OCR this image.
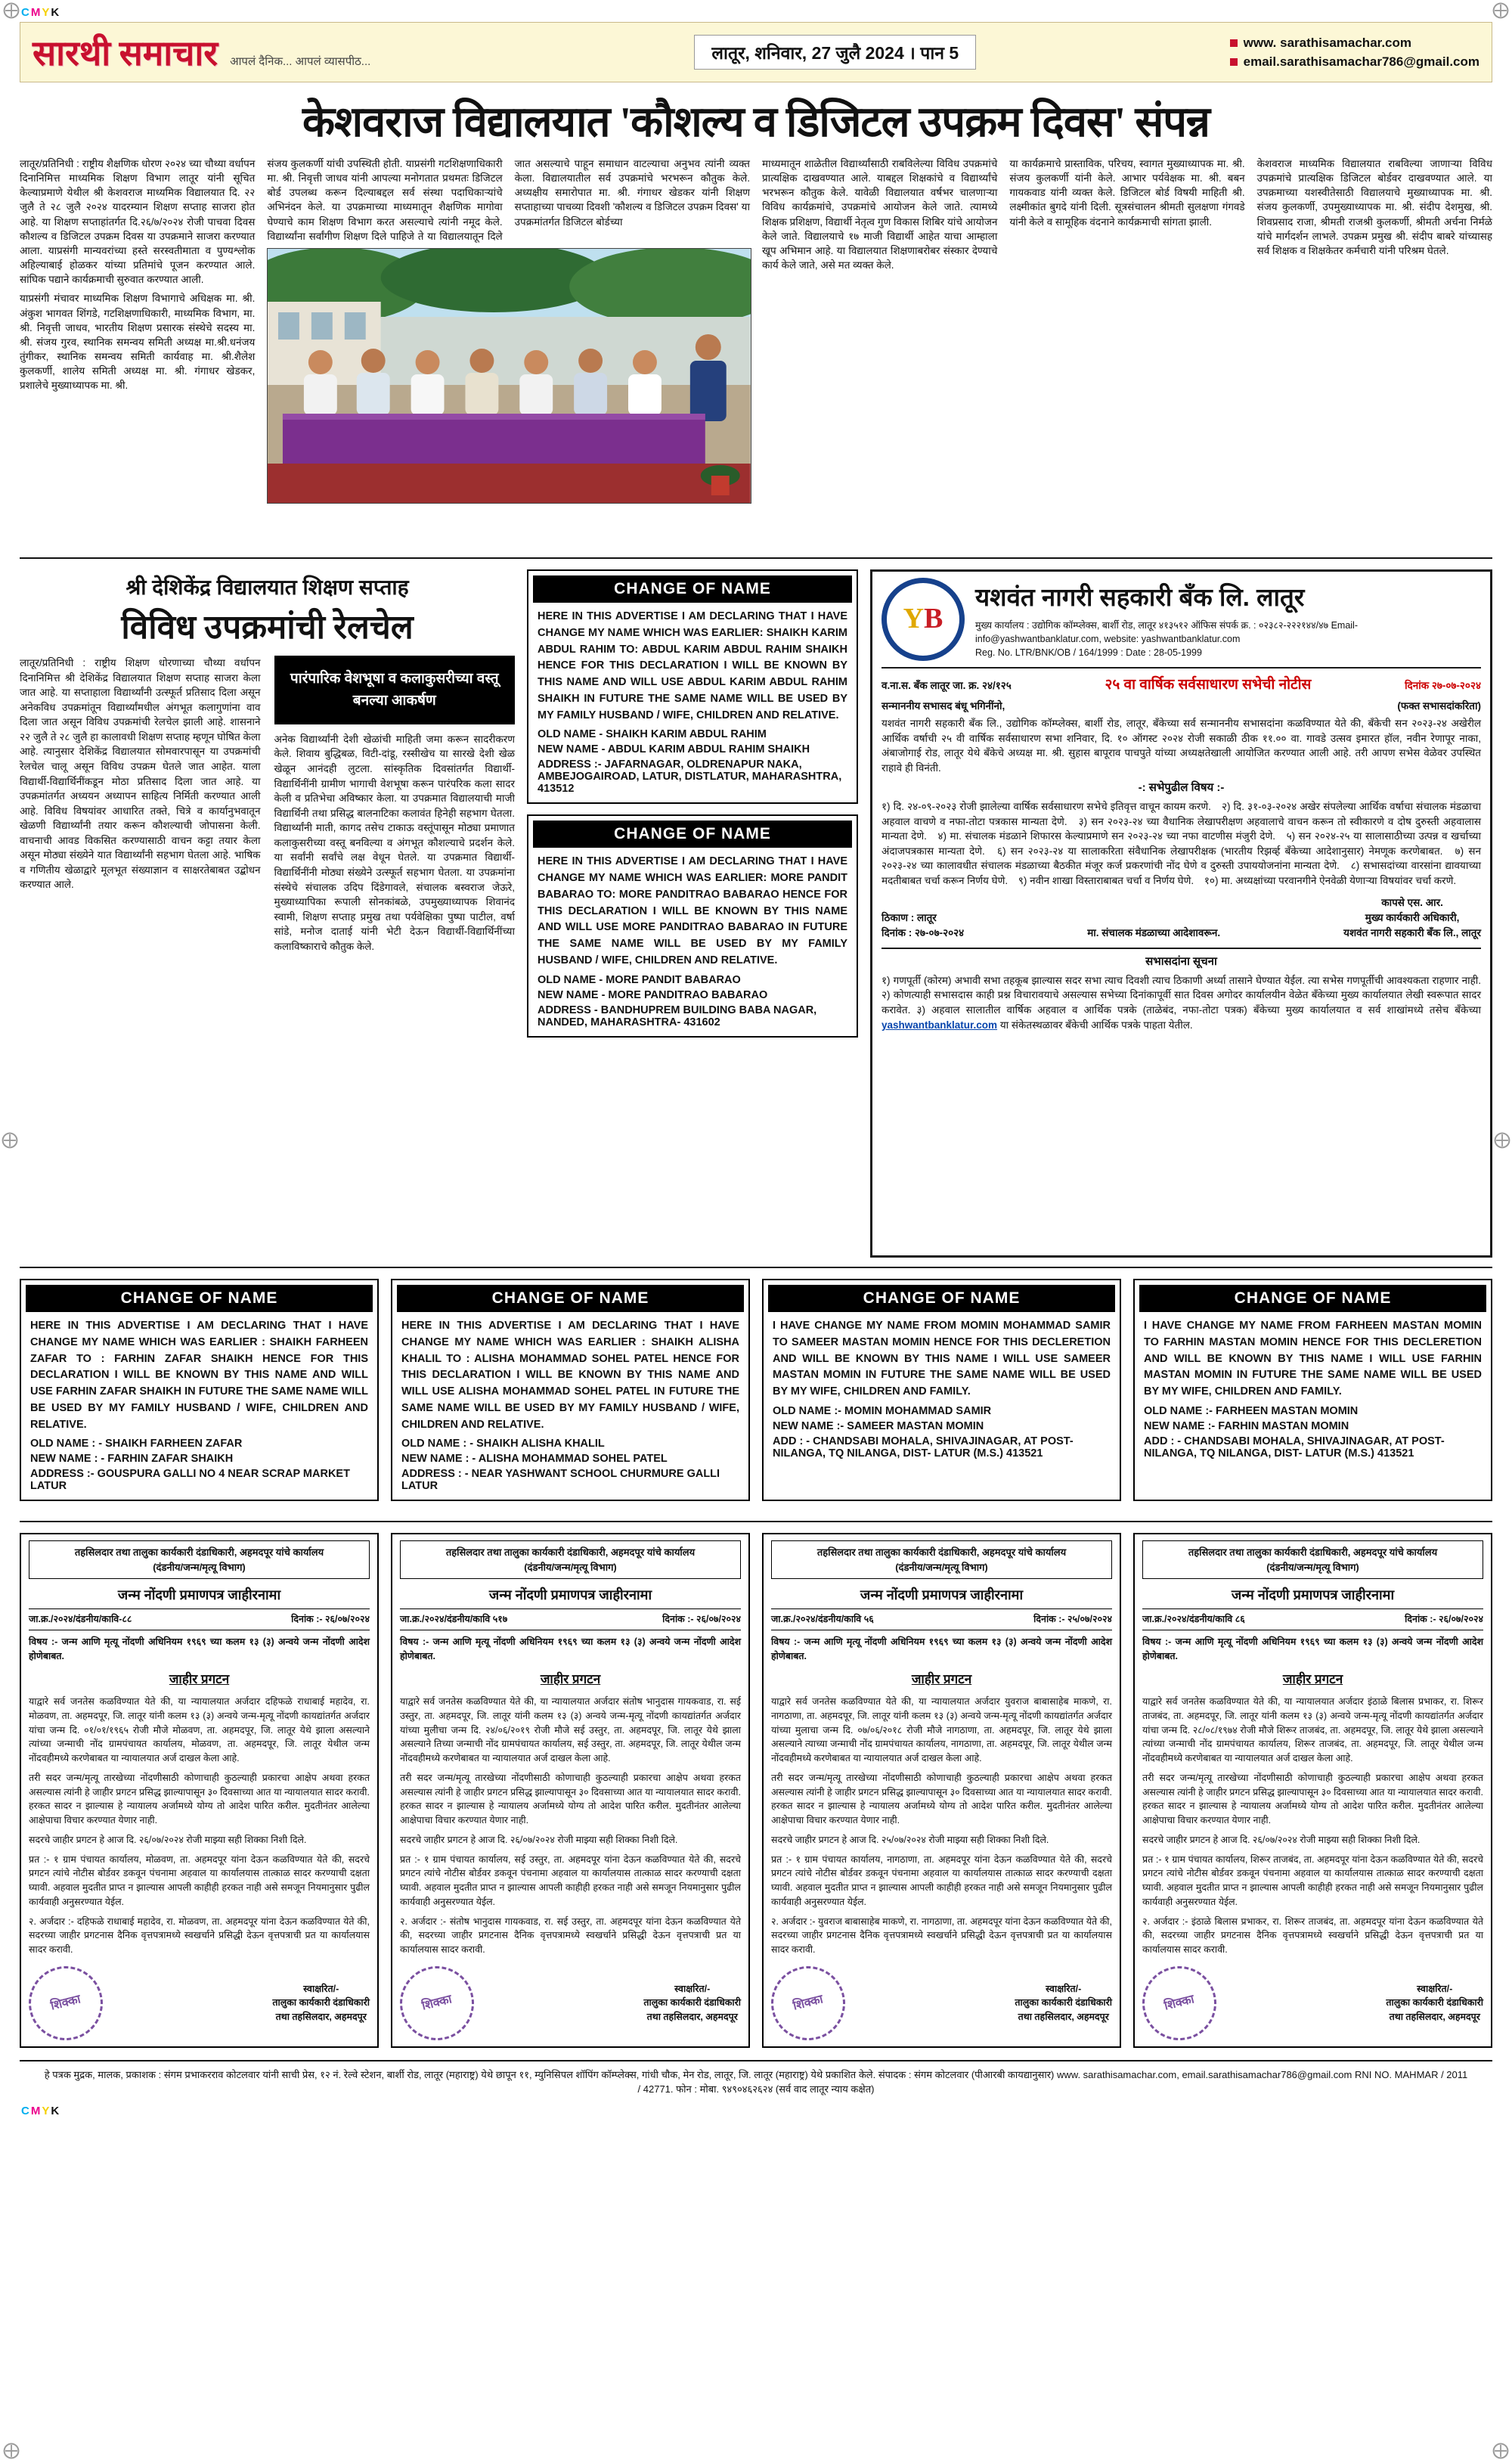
⨁	⨁
⨁	⨁
⨁	⨁
CMYK
सारथी समाचार आपलं दैनिक... आपलं व्यासपीठ...	लातूर, शनिवार, 27 जुलै 2024 । पान 5
www. sarathisamachar.com
email.sarathisamachar786@gmail.com
केशवराज विद्यालयात 'कौशल्य व डिजिटल उपक्रम दिवस' संपन्न

लातूर/प्रतिनिधी : राष्ट्रीय शैक्षणिक धोरण २०२४ च्या चौथ्या वर्धापन दिनानिमित्त माध्यमिक शिक्षण विभाग लातूर यांनी सूचित केल्याप्रमाणे येथील श्री केशवराज माध्यमिक विद्यालयात दि. २२ जुलै ते २८ जुलै २०२४ यादरम्यान शिक्षण सप्ताह साजरा होत आहे. या शिक्षण सप्ताहांतर्गत दि.२६/७/२०२४ रोजी पाचवा दिवस कौशल्य व डिजिटल उपक्रम दिवस या उपक्रमाने साजरा करण्यात आला. याप्रसंगी मान्यवरांच्या हस्ते सरस्वतीमाता व पुण्यश्लोक अहिल्याबाई होळकर यांच्या प्रतिमांचे पूजन करण्यात आले. सांघिक पद्याने कार्यक्रमाची सुरुवात करण्यात आली.

याप्रसंगी मंचावर माध्यमिक शिक्षण विभागाचे अधिक्षक मा. श्री. अंकुश भागवत शिंगडे, गटशिक्षणाधिकारी, माध्यमिक विभाग, मा. श्री. निवृत्ती जाधव, भारतीय शिक्षण प्रसारक संस्थेचे सदस्य मा. श्री. संजय गुरव, स्थानिक समन्वय समिती अध्यक्ष मा.श्री.धनंजय तुंगीकर, स्थानिक समन्वय समिती कार्यवाह मा. श्री.शैलेश कुलकर्णी, शालेय समिती अध्यक्ष मा. श्री. गंगाधर खेडकर, प्रशालेचे मुख्याध्यापक मा. श्री.

संजय कुलकर्णी यांची उपस्थिती होती. याप्रसंगी गटशिक्षणाधिकारी मा. श्री. निवृत्ती जाधव यांनी आपल्या मनोगतात प्रथमतः डिजिटल बोर्ड उपलब्ध करून दिल्याबद्दल सर्व संस्था पदाधिकाऱ्यांचे अभिनंदन केले. या उपक्रमाच्या माध्यमातून शैक्षणिक मागोवा घेण्याचे काम शिक्षण विभाग करत असल्याचे त्यांनी नमूद केले. विद्यार्थ्यांना सर्वांगीण शिक्षण दिले पाहिजे ते या विद्यालयातून दिले जात असल्याचे पाहून समाधान वाटल्याचा अनुभव त्यांनी व्यक्त केला. विद्यालयातील सर्व उपक्रमांचे भरभरून कौतुक केले. अध्यक्षीय समारोपात मा. श्री. गंगाधर खेडकर यांनी शिक्षण सप्ताहाच्या पाचव्या दिवशी 'कौशल्य व डिजिटल उपक्रम दिवस' या उपक्रमांतर्गत डिजिटल बोर्डच्या

माध्यमातून शाळेतील विद्यार्थ्यांसाठी राबविलेल्या विविध उपक्रमांचे प्रात्यक्षिक दाखवण्यात आले. याबद्दल शिक्षकांचे व विद्यार्थ्यांचे भरभरून कौतुक केले. यावेळी विद्यालयात वर्षभर चालणाऱ्या विविध कार्यक्रमांचे, उपक्रमांचे आयोजन केले जाते. त्यामध्ये शिक्षक प्रशिक्षण, विद्यार्थी नेतृत्व गुण विकास शिबिर यांचे आयोजन केले जाते. विद्यालयाचे १७ माजी विद्यार्थी आहेत याचा आम्हाला खूप अभिमान आहे. या विद्यालयात शिक्षणाबरोबर संस्कार देण्याचे कार्य केले जाते, असे मत व्यक्त केले.

या कार्यक्रमाचे प्रास्ताविक, परिचय, स्वागत मुख्याध्यापक मा. श्री. संजय कुलकर्णी यांनी केले. आभार पर्यवेक्षक मा. श्री. बबन गायकवाड यांनी व्यक्त केले. डिजिटल बोर्ड विषयी माहिती श्री. लक्ष्मीकांत बुगदे यांनी दिली. सूत्रसंचालन श्रीमती सुलक्षणा गंगवडे यांनी केले व सामूहिक वंदनाने कार्यक्रमाची सांगता झाली.

केशवराज माध्यमिक विद्यालयात राबविल्या जाणाऱ्या विविध उपक्रमांचे प्रात्यक्षिक डिजिटल बोर्डवर दाखवण्यात आले. या उपक्रमाच्या यशस्वीतेसाठी विद्यालयाचे मुख्याध्यापक मा. श्री. संजय कुलकर्णी, उपमुख्याध्यापक मा. श्री. संदीप देशमुख, श्री. शिवप्रसाद राजा, श्रीमती राजश्री कुलकर्णी, श्रीमती अर्चना निर्मळे यांचे मार्गदर्शन लाभले. उपक्रम प्रमुख श्री. संदीप बाबरे यांच्यासह सर्व शिक्षक व शिक्षकेतर कर्मचारी यांनी परिश्रम घेतले.

श्री देशिकेंद्र विद्यालयात शिक्षण सप्ताह
विविध उपक्रमांची रेलचेल

लातूर/प्रतिनिधी : राष्ट्रीय शिक्षण धोरणाच्या चौथ्या वर्धापन दिनानिमित्त श्री देशिकेंद्र विद्यालयात शिक्षण सप्ताह साजरा केला जात आहे. या सप्ताहाला विद्यार्थ्यांनी उत्स्फूर्त प्रतिसाद दिला असून अनेकविध उपक्रमांतून विद्यार्थ्यांमधील अंगभूत कलागुणांना वाव दिला जात असून विविध उपक्रमांची रेलचेल झाली आहे. शासनाने २२ जुलै ते २८ जुलै हा कालावधी शिक्षण सप्ताह म्हणून घोषित केला आहे. त्यानुसार देशिकेंद्र विद्यालयात सोमवारपासून या उपक्रमांची रेलचेल चालू असून विविध उपक्रम घेतले जात आहेत. याला विद्यार्थी-विद्यार्थिनींकडून मोठा प्रतिसाद दिला जात आहे. या उपक्रमांतर्गत अध्ययन अध्यापन साहित्य निर्मिती करण्यात आली आहे. विविध विषयांवर आधारित तक्ते, चित्रे व कार्यानुभवातून खेळणी विद्यार्थ्यांनी तयार करून कौशल्याची जोपासना केली. वाचनाची आवड विकसित करण्यासाठी वाचन कट्टा तयार केला असून मोठ्या संख्येने यात विद्यार्थ्यांनी सहभाग घेतला आहे. भाषिक व गणितीय खेळाद्वारे मूलभूत संख्याज्ञान व साक्षरतेबाबत उद्बोधन करण्यात आले.

पारंपारिक वेशभूषा व कलाकुसरीच्या वस्तू बनल्या आकर्षण

अनेक विद्यार्थ्यांनी देशी खेळांची माहिती जमा करून सादरीकरण केले. शिवाय बुद्धिबळ, विटी-दांडू, रस्सीखेच या सारखे देशी खेळ खेळून आनंदही लुटला. सांस्कृतिक दिवसांतर्गत विद्यार्थी-विद्यार्थिनींनी ग्रामीण भागाची वेशभूषा करून पारंपरिक कला सादर केली व प्रतिभेचा अविष्कार केला. या उपक्रमात विद्यालयाची माजी विद्यार्थिनी तथा प्रसिद्ध बालनाटिका कलावंत हिनेही सहभाग घेतला. विद्यार्थ्यांनी माती, कागद तसेच टाकाऊ वस्तूंपासून मोठ्या प्रमाणात कलाकुसरीच्या वस्तू बनविल्या व अंगभूत कौशल्याचे प्रदर्शन केले. या सर्वांनी सर्वांचे लक्ष वेधून घेतले. या उपक्रमात विद्यार्थी-विद्यार्थिनींनी मोठ्या संख्येने उत्स्फूर्त सहभाग घेतला. या उपक्रमांना संस्थेचे संचालक उदिप दिंडेगावले, संचालक बस्वराज जेऊरे, मुख्याध्यापिका रूपाली सोनकांबळे, उपमुख्याध्यापक शिवानंद स्वामी, शिक्षण सप्ताह प्रमुख तथा पर्यवेक्षिका पुष्पा पाटील, वर्षा सांडे, मनोज दाताई यांनी भेटी देऊन विद्यार्थी-विद्यार्थिनींच्या कलाविष्काराचे कौतुक केले.

CHANGE OF NAME
HERE IN THIS ADVERTISE I AM DECLARING THAT I HAVE CHANGE MY NAME WHICH WAS EARLIER: SHAIKH KARIM ABDUL RAHIM TO: ABDUL KARIM ABDUL RAHIM SHAIKH HENCE FOR THIS DECLARATION I WILL BE KNOWN BY THIS NAME AND WILL USE ABDUL KARIM ABDUL RAHIM SHAIKH IN FUTURE THE SAME NAME WILL BE USED BY MY FAMILY HUSBAND / WIFE, CHILDREN AND RELATIVE.
OLD NAME - SHAIKH KARIM ABDUL RAHIM
NEW NAME - ABDUL KARIM ABDUL RAHIM SHAIKH
ADDRESS :- JAFARNAGAR, OLDRENAPUR NAKA, AMBEJOGAIROAD, LATUR, DISTLATUR, MAHARASHTRA, 413512
CHANGE OF NAME
HERE IN THIS ADVERTISE I AM DECLARING THAT I HAVE CHANGE MY NAME WHICH WAS EARLIER: MORE PANDIT BABARAO TO: MORE PANDITRAO BABARAO HENCE FOR THIS DECLARATION I WILL BE KNOWN BY THIS NAME AND WILL USE MORE PANDITRAO BABARAO IN FUTURE THE SAME NAME WILL BE USED BY MY FAMILY HUSBAND / WIFE, CHILDREN AND RELATIVE.
OLD NAME - MORE PANDIT BABARAO
NEW NAME - MORE PANDITRAO BABARAO
ADDRESS - BANDHUPREM BUILDING BABA NAGAR, NANDED, MAHARASHTRA- 431602
Y B
यशवंत नागरी सहकारी बँक लि. लातूर

मुख्य कार्यालय : उद्योगिक कॉम्प्लेक्स, बार्शी रोड, लातूर ४१३५१२ ऑफिस संपर्क क्र. : ०२३८२-२२२१४४/४७ Email-info@yashwantbanklatur.com, website: yashwantbanklatur.com

Reg. No. LTR/BNK/OB / 164/1999 : Date : 28-05-1999

व.ना.स. बँक लातूर जा. क्र. २४/१२५	२५ वा वार्षिक सर्वसाधारण सभेची नोटीस	दिनांक २७-०७-२०२४
सन्माननीय सभासद बंधू भगिनींनो,	(फक्त सभासदांकरिता)

यशवंत नागरी सहकारी बँक लि., उद्योगिक कॉम्प्लेक्स, बार्शी रोड, लातूर, बँकेच्या सर्व सन्माननीय सभासदांना कळविण्यात येते की, बँकेची सन २०२३-२४ अखेरील आर्थिक वर्षाची २५ वी वार्षिक सर्वसाधारण सभा शनिवार, दि. १० ऑगस्ट २०२४ रोजी सकाळी ठीक ११.०० वा. गावडे उत्सव इमारत हॉल, नवीन रेणापूर नाका, अंबाजोगाई रोड, लातूर येथे बँकेचे अध्यक्ष मा. श्री. सुहास बापूराव पाचपुते यांच्या अध्यक्षतेखाली आयोजित करण्यात आली आहे. तरी आपण सभेस वेळेवर उपस्थित राहावे ही विनंती.

-: सभेपुढील विषय :-
१) दि. २४-०९-२०२३ रोजी झालेल्या वार्षिक सर्वसाधारण सभेचे इतिवृत्त वाचून कायम करणे. २) दि. ३१-०३-२०२४ अखेर संपलेल्या आर्थिक वर्षाचा संचालक मंडळाचा अहवाल वाचणे व नफा-तोटा पत्रकास मान्यता देणे. ३) सन २०२३-२४ च्या वैधानिक लेखापरीक्षण अहवालाचे वाचन करून तो स्वीकारणे व दोष दुरुस्ती अहवालास मान्यता देणे. ४) मा. संचालक मंडळाने शिफारस केल्याप्रमाणे सन २०२३-२४ च्या नफा वाटणीस मंजुरी देणे. ५) सन २०२४-२५ या सालासाठीच्या उत्पन्न व खर्चाच्या अंदाजपत्रकास मान्यता देणे. ६) सन २०२३-२४ या सालाकरिता संवैधानिक लेखापरीक्षक (भारतीय रिझर्व्ह बँकेच्या आदेशानुसार) नेमणूक करणेबाबत. ७) सन २०२३-२४ च्या कालावधीत संचालक मंडळाच्या बैठकीत मंजूर कर्ज प्रकरणांची नोंद घेणे व दुरुस्ती उपाययोजनांना मान्यता देणे. ८) सभासदांच्या वारसांना द्यावयाच्या मदतीबाबत चर्चा करून निर्णय घेणे. ९) नवीन शाखा विस्ताराबाबत चर्चा व निर्णय घेणे. १०) मा. अध्यक्षांच्या परवानगीने ऐनवेळी येणाऱ्या विषयांवर चर्चा करणे.
ठिकाण : लातूर
दिनांक : २७-०७-२०२४	मा. संचालक मंडळाच्या आदेशावरून.
कापसे एस. आर.
मुख्य कार्यकारी अधिकारी,
यशवंत नागरी सहकारी बँक लि., लातूर
सभासदांना सूचना

१) गणपूर्ती (कोरम) अभावी सभा तहकूब झाल्यास सदर सभा त्याच दिवशी त्याच ठिकाणी अर्ध्या तासाने घेण्यात येईल. त्या सभेस गणपूर्तीची आवश्यकता राहणार नाही. २) कोणत्याही सभासदास काही प्रश्न विचारावयाचे असल्यास सभेच्या दिनांकापूर्वी सात दिवस अगोदर कार्यालयीन वेळेत बँकेच्या मुख्य कार्यालयात लेखी स्वरूपात सादर करावेत. ३) अहवाल सालातील वार्षिक अहवाल व आर्थिक पत्रके (ताळेबंद, नफा-तोटा पत्रक) बँकेच्या मुख्य कार्यालयात व सर्व शाखांमध्ये तसेच बँकेच्या yashwantbanklatur.com या संकेतस्थळावर बँकेची आर्थिक पत्रके पाहता येतील.

CHANGE OF NAME
HERE IN THIS ADVERTISE I AM DECLARING THAT I HAVE CHANGE MY NAME WHICH WAS EARLIER : SHAIKH FARHEEN ZAFAR TO : FARHIN ZAFAR SHAIKH HENCE FOR THIS DECLARATION I WILL BE KNOWN BY THIS NAME AND WILL USE FARHIN ZAFAR SHAIKH IN FUTURE THE SAME NAME WILL BE USED BY MY FAMILY HUSBAND / WIFE, CHILDREN AND RELATIVE.
OLD NAME : - SHAIKH FARHEEN ZAFAR
NEW NAME : - FARHIN ZAFAR SHAIKH
ADDRESS :- GOUSPURA GALLI NO 4 NEAR SCRAP MARKET LATUR
CHANGE OF NAME
HERE IN THIS ADVERTISE I AM DECLARING THAT I HAVE CHANGE MY NAME WHICH WAS EARLIER : SHAIKH ALISHA KHALIL TO : ALISHA MOHAMMAD SOHEL PATEL HENCE FOR THIS DECLARATION I WILL BE KNOWN BY THIS NAME AND WILL USE ALISHA MOHAMMAD SOHEL PATEL IN FUTURE THE SAME NAME WILL BE USED BY MY FAMILY HUSBAND / WIFE, CHILDREN AND RELATIVE.
OLD NAME : - SHAIKH ALISHA KHALIL
NEW NAME : - ALISHA MOHAMMAD SOHEL PATEL
ADDRESS : - NEAR YASHWANT SCHOOL CHURMURE GALLI LATUR
CHANGE OF NAME
I HAVE CHANGE MY NAME FROM MOMIN MOHAMMAD SAMIR TO SAMEER MASTAN MOMIN HENCE FOR THIS DECLERETION AND WILL BE KNOWN BY THIS NAME I WILL USE SAMEER MASTAN MOMIN IN FUTURE THE SAME NAME WILL BE USED BY MY WIFE, CHILDREN AND FAMILY.
OLD NAME :- MOMIN MOHAMMAD SAMIR
NEW NAME :- SAMEER MASTAN MOMIN
ADD : - CHANDSABI MOHALA, SHIVAJINAGAR, AT POST- NILANGA, TQ NILANGA, DIST- LATUR (M.S.) 413521
CHANGE OF NAME
I HAVE CHANGE MY NAME FROM FARHEEN MASTAN MOMIN TO FARHIN MASTAN MOMIN HENCE FOR THIS DECLERETION AND WILL BE KNOWN BY THIS NAME I WILL USE FARHIN MASTAN MOMIN IN FUTURE THE SAME NAME WILL BE USED BY MY WIFE, CHILDREN AND FAMILY.
OLD NAME :- FARHEEN MASTAN MOMIN
NEW NAME :- FARHIN MASTAN MOMIN
ADD : - CHANDSABI MOHALA, SHIVAJINAGAR, AT POST- NILANGA, TQ NILANGA, DIST- LATUR (M.S.) 413521
तहसिलदार तथा तालुका कार्यकारी दंडाधिकारी, अहमदपूर यांचे कार्यालय
(दंडनीय/जन्म/मृत्यू विभाग)
जन्म नोंदणी प्रमाणपत्र जाहीरनामा
जा.क्र./२०२४/दंडनीय/कावि-८८	दिनांक :- २६/०७/२०२४
विषय :- जन्म आणि मृत्यू नोंदणी अधिनियम १९६९ च्या कलम १३ (३) अन्वये जन्म नोंदणी आदेश होणेबाबत.
जाहीर प्रगटन

याद्वारे सर्व जनतेस कळविण्यात येते की, या न्यायालयात अर्जदार दहिफळे राधाबाई महादेव, रा. मोळवण, ता. अहमदपूर, जि. लातूर यांनी कलम १३ (३) अन्वये जन्म-मृत्यू नोंदणी कायद्यांतर्गत अर्जदार यांचा जन्म दि. ०१/०१/१९६५ रोजी मौजे मोळवण, ता. अहमदपूर, जि. लातूर येथे झाला असल्याने त्यांच्या जन्माची नोंद ग्रामपंचायत कार्यालय, मोळवण, ता. अहमदपूर, जि. लातूर येथील जन्म नोंदवहीमध्ये करणेबाबत या न्यायालयात अर्ज दाखल केला आहे.

तरी सदर जन्म/मृत्यू तारखेच्या नोंदणीसाठी कोणाचाही कुठल्याही प्रकारचा आक्षेप अथवा हरकत असल्यास त्यांनी हे जाहीर प्रगटन प्रसिद्ध झाल्यापासून ३० दिवसाच्या आत या न्यायालयात सादर करावी. हरकत सादर न झाल्यास हे न्यायालय अर्जामध्ये योग्य तो आदेश पारित करील. मुदतीनंतर आलेल्या आक्षेपाचा विचार करण्यात येणार नाही.

सदरचे जाहीर प्रगटन हे आज दि. २६/०७/२०२४ रोजी माझ्या सही शिक्का निशी दिले.

प्रत :- १ ग्राम पंचायत कार्यालय, मोळवण, ता. अहमदपूर यांना देऊन कळविण्यात येते की, सदरचे प्रगटन त्यांचे नोटीस बोर्डवर डकवून पंचनामा अहवाल या कार्यालयास तात्काळ सादर करण्याची दक्षता घ्यावी. अहवाल मुदतीत प्राप्त न झाल्यास आपली काहीही हरकत नाही असे समजून नियमानुसार पुढील कार्यवाही अनुसरण्यात येईल.

२. अर्जदार :- दहिफळे राधाबाई महादेव, रा. मोळवण, ता. अहमदपूर यांना देऊन कळविण्यात येते की, सदरच्या जाहीर प्रगटनास दैनिक वृत्तपत्रामध्ये स्वखर्चाने प्रसिद्धी देऊन वृत्तपत्राची प्रत या कार्यालयास सादर करावी.

शिक्का
स्वाक्षरित/-
तालुका कार्यकारी दंडाधिकारी
तथा तहसिलदार, अहमदपूर
तहसिलदार तथा तालुका कार्यकारी दंडाधिकारी, अहमदपूर यांचे कार्यालय
(दंडनीय/जन्म/मृत्यू विभाग)
जन्म नोंदणी प्रमाणपत्र जाहीरनामा
जा.क्र./२०२४/दंडनीय/कावि ५१७	दिनांक :- २६/०७/२०२४
विषय :- जन्म आणि मृत्यू नोंदणी अधिनियम १९६९ च्या कलम १३ (३) अन्वये जन्म नोंदणी आदेश होणेबाबत.
जाहीर प्रगटन

याद्वारे सर्व जनतेस कळविण्यात येते की, या न्यायालयात अर्जदार संतोष भानुदास गायकवाड, रा. सई उस्तुर, ता. अहमदपूर, जि. लातूर यांनी कलम १३ (३) अन्वये जन्म-मृत्यू नोंदणी कायद्यांतर्गत अर्जदार यांच्या मुलीचा जन्म दि. २४/०६/२०१९ रोजी मौजे सई उस्तुर, ता. अहमदपूर, जि. लातूर येथे झाला असल्याने तिच्या जन्माची नोंद ग्रामपंचायत कार्यालय, सई उस्तुर, ता. अहमदपूर, जि. लातूर येथील जन्म नोंदवहीमध्ये करणेबाबत या न्यायालयात अर्ज दाखल केला आहे.

तरी सदर जन्म/मृत्यू तारखेच्या नोंदणीसाठी कोणाचाही कुठल्याही प्रकारचा आक्षेप अथवा हरकत असल्यास त्यांनी हे जाहीर प्रगटन प्रसिद्ध झाल्यापासून ३० दिवसाच्या आत या न्यायालयात सादर करावी. हरकत सादर न झाल्यास हे न्यायालय अर्जामध्ये योग्य तो आदेश पारित करील. मुदतीनंतर आलेल्या आक्षेपाचा विचार करण्यात येणार नाही.

सदरचे जाहीर प्रगटन हे आज दि. २६/०७/२०२४ रोजी माझ्या सही शिक्का निशी दिले.

प्रत :- १ ग्राम पंचायत कार्यालय, सई उस्तुर, ता. अहमदपूर यांना देऊन कळविण्यात येते की, सदरचे प्रगटन त्यांचे नोटीस बोर्डवर डकवून पंचनामा अहवाल या कार्यालयास तात्काळ सादर करण्याची दक्षता घ्यावी. अहवाल मुदतीत प्राप्त न झाल्यास आपली काहीही हरकत नाही असे समजून नियमानुसार पुढील कार्यवाही अनुसरण्यात येईल.

२. अर्जदार :- संतोष भानुदास गायकवाड, रा. सई उस्तुर, ता. अहमदपूर यांना देऊन कळविण्यात येते की, सदरच्या जाहीर प्रगटनास दैनिक वृत्तपत्रामध्ये स्वखर्चाने प्रसिद्धी देऊन वृत्तपत्राची प्रत या कार्यालयास सादर करावी.

शिक्का
स्वाक्षरित/-
तालुका कार्यकारी दंडाधिकारी
तथा तहसिलदार, अहमदपूर
तहसिलदार तथा तालुका कार्यकारी दंडाधिकारी, अहमदपूर यांचे कार्यालय
(दंडनीय/जन्म/मृत्यू विभाग)
जन्म नोंदणी प्रमाणपत्र जाहीरनामा
जा.क्र./२०२४/दंडनीय/कावि ५६	दिनांक :- २५/०७/२०२४
विषय :- जन्म आणि मृत्यू नोंदणी अधिनियम १९६९ च्या कलम १३ (३) अन्वये जन्म नोंदणी आदेश होणेबाबत.
जाहीर प्रगटन

याद्वारे सर्व जनतेस कळविण्यात येते की, या न्यायालयात अर्जदार युवराज बाबासाहेब माकणे, रा. नागठाणा, ता. अहमदपूर, जि. लातूर यांनी कलम १३ (३) अन्वये जन्म-मृत्यू नोंदणी कायद्यांतर्गत अर्जदार यांच्या मुलाचा जन्म दि. ०७/०६/२०१८ रोजी मौजे नागठाणा, ता. अहमदपूर, जि. लातूर येथे झाला असल्याने त्याच्या जन्माची नोंद ग्रामपंचायत कार्यालय, नागठाणा, ता. अहमदपूर, जि. लातूर येथील जन्म नोंदवहीमध्ये करणेबाबत या न्यायालयात अर्ज दाखल केला आहे.

तरी सदर जन्म/मृत्यू तारखेच्या नोंदणीसाठी कोणाचाही कुठल्याही प्रकारचा आक्षेप अथवा हरकत असल्यास त्यांनी हे जाहीर प्रगटन प्रसिद्ध झाल्यापासून ३० दिवसाच्या आत या न्यायालयात सादर करावी. हरकत सादर न झाल्यास हे न्यायालय अर्जामध्ये योग्य तो आदेश पारित करील. मुदतीनंतर आलेल्या आक्षेपाचा विचार करण्यात येणार नाही.

सदरचे जाहीर प्रगटन हे आज दि. २५/०७/२०२४ रोजी माझ्या सही शिक्का निशी दिले.

प्रत :- १ ग्राम पंचायत कार्यालय, नागठाणा, ता. अहमदपूर यांना देऊन कळविण्यात येते की, सदरचे प्रगटन त्यांचे नोटीस बोर्डवर डकवून पंचनामा अहवाल या कार्यालयास तात्काळ सादर करण्याची दक्षता घ्यावी. अहवाल मुदतीत प्राप्त न झाल्यास आपली काहीही हरकत नाही असे समजून नियमानुसार पुढील कार्यवाही अनुसरण्यात येईल.

२. अर्जदार :- युवराज बाबासाहेब माकणे, रा. नागठाणा, ता. अहमदपूर यांना देऊन कळविण्यात येते की, सदरच्या जाहीर प्रगटनास दैनिक वृत्तपत्रामध्ये स्वखर्चाने प्रसिद्धी देऊन वृत्तपत्राची प्रत या कार्यालयास सादर करावी.

शिक्का
स्वाक्षरित/-
तालुका कार्यकारी दंडाधिकारी
तथा तहसिलदार, अहमदपूर
तहसिलदार तथा तालुका कार्यकारी दंडाधिकारी, अहमदपूर यांचे कार्यालय
(दंडनीय/जन्म/मृत्यू विभाग)
जन्म नोंदणी प्रमाणपत्र जाहीरनामा
जा.क्र./२०२४/दंडनीय/कावि ८६	दिनांक :- २६/०७/२०२४
विषय :- जन्म आणि मृत्यू नोंदणी अधिनियम १९६९ च्या कलम १३ (३) अन्वये जन्म नोंदणी आदेश होणेबाबत.
जाहीर प्रगटन

याद्वारे सर्व जनतेस कळविण्यात येते की, या न्यायालयात अर्जदार इंठाळे बिलास प्रभाकर, रा. शिरूर ताजबंद, ता. अहमदपूर, जि. लातूर यांनी कलम १३ (३) अन्वये जन्म-मृत्यू नोंदणी कायद्यांतर्गत अर्जदार यांचा जन्म दि. २८/०८/१९७४ रोजी मौजे शिरूर ताजबंद, ता. अहमदपूर, जि. लातूर येथे झाला असल्याने त्यांच्या जन्माची नोंद ग्रामपंचायत कार्यालय, शिरूर ताजबंद, ता. अहमदपूर, जि. लातूर येथील जन्म नोंदवहीमध्ये करणेबाबत या न्यायालयात अर्ज दाखल केला आहे.

तरी सदर जन्म/मृत्यू तारखेच्या नोंदणीसाठी कोणाचाही कुठल्याही प्रकारचा आक्षेप अथवा हरकत असल्यास त्यांनी हे जाहीर प्रगटन प्रसिद्ध झाल्यापासून ३० दिवसाच्या आत या न्यायालयात सादर करावी. हरकत सादर न झाल्यास हे न्यायालय अर्जामध्ये योग्य तो आदेश पारित करील. मुदतीनंतर आलेल्या आक्षेपाचा विचार करण्यात येणार नाही.

सदरचे जाहीर प्रगटन हे आज दि. २६/०७/२०२४ रोजी माझ्या सही शिक्का निशी दिले.

प्रत :- १ ग्राम पंचायत कार्यालय, शिरूर ताजबंद, ता. अहमदपूर यांना देऊन कळविण्यात येते की, सदरचे प्रगटन त्यांचे नोटीस बोर्डवर डकवून पंचनामा अहवाल या कार्यालयास तात्काळ सादर करण्याची दक्षता घ्यावी. अहवाल मुदतीत प्राप्त न झाल्यास आपली काहीही हरकत नाही असे समजून नियमानुसार पुढील कार्यवाही अनुसरण्यात येईल.

२. अर्जदार :- इंठाळे बिलास प्रभाकर, रा. शिरूर ताजबंद, ता. अहमदपूर यांना देऊन कळविण्यात येते की, सदरच्या जाहीर प्रगटनास दैनिक वृत्तपत्रामध्ये स्वखर्चाने प्रसिद्धी देऊन वृत्तपत्राची प्रत या कार्यालयास सादर करावी.

शिक्का
स्वाक्षरित/-
तालुका कार्यकारी दंडाधिकारी
तथा तहसिलदार, अहमदपूर
हे पत्रक मुद्रक, मालक, प्रकाशक : संगम प्रभाकरराव कोटलवार यांनी साची प्रेस, १२ नं. रेल्वे स्टेशन, बार्शी रोड, लातूर (महाराष्ट्र) येथे छापून ११, म्युनिसिपल शॉपिंग कॉम्प्लेक्स, गांधी चौक, मेन रोड, लातूर, जि. लातूर (महाराष्ट्र) येथे प्रकाशित केले. संपादक : संगम कोटलवार (पीआरबी कायद्यानुसार) www. sarathisamachar.com, email.sarathisamachar786@gmail.com RNI NO. MAHMAR / 2011 / 42771. फोन : मोबा. ९४९०४६२६२४ (सर्व वाद लातूर न्याय कक्षेत)
CMYK
